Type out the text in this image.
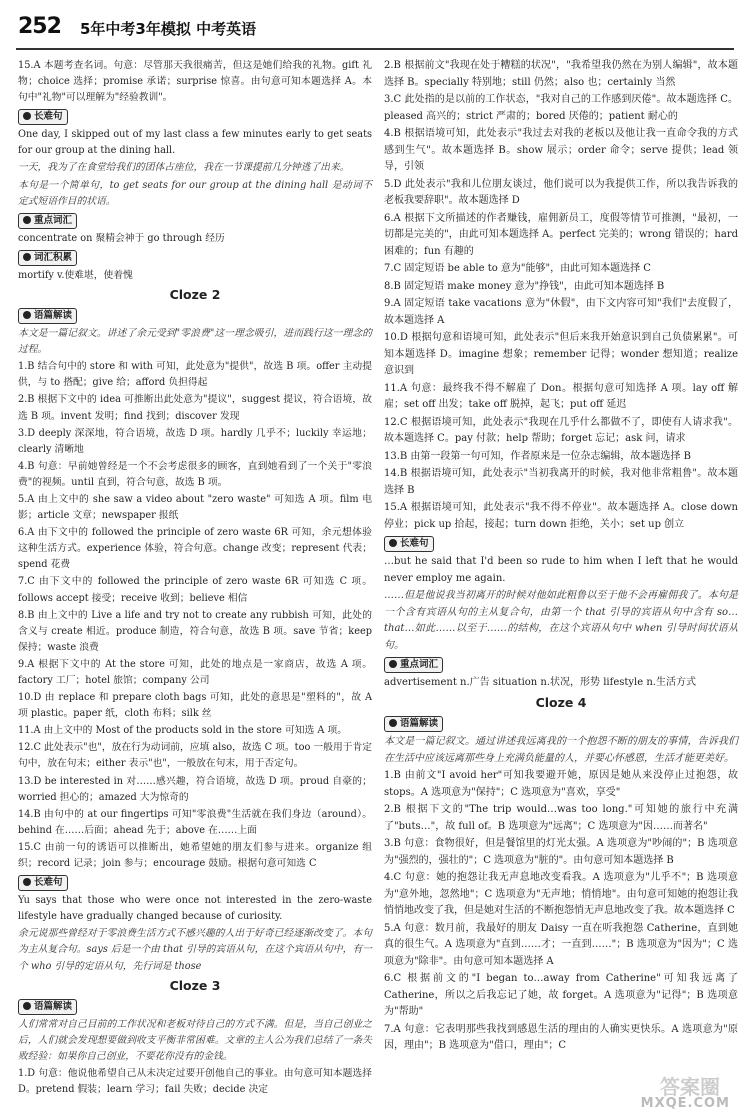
252 5年中考3年模拟 中考英语

15.A 本题考查名词。句意：尽管那天我很痛苦，但这是她们给我的礼物。gift 礼物；choice 选择；promise 承诺；surprise 惊喜。由句意可知本题选择 A。本句中"礼物"可以理解为"经验教训"。

长难句

One day, I skipped out of my last class a few minutes early to get seats for our group at the dining hall.

一天，我为了在食堂给我们的团体占座位，我在一节课提前几分钟逃了出来。

本句是一个简单句，to get seats for our group at the dining hall 是动词不定式短语作目的状语。

重点词汇

concentrate on 聚精会神于 go through 经历

词汇积累

mortify v.使难堪，使着愧

Cloze 2
语篇解读

本文是一篇记叙文。讲述了余元受到"零浪费"这一理念吸引，进而践行这一理念的过程。

1.B 结合句中的 store 和 with 可知，此处意为"提供"，故选 B 项。offer 主动提供，与 to 搭配；give 给；afford 负担得起

2.B 根据下文中的 idea 可推断出此处意为"提议"，suggest 提议，符合语境，故选 B 项。invent 发明；find 找到；discover 发现

3.D deeply 深深地，符合语境，故选 D 项。hardly 几乎不；luckily 幸运地；clearly 清晰地

4.B 句意：早前她曾经是一个不会考虑很多的顾客，直到她看到了一个关于"零浪费"的视频。until 直到，符合句意，故选 B 项。

5.A 由上文中的 she saw a video about "zero waste" 可知选 A 项。film 电影；article 文章；newspaper 报纸

6.A 由下文中的 followed the principle of zero waste 6R 可知，余元想体验这种生活方式。experience 体验，符合句意。change 改变；represent 代表；spend 花费

7.C 由下文中的 followed the principle of zero waste 6R 可知选 C 项。follows accept 接受；receive 收到；believe 相信

8.B 由上文中的 Live a life and try not to create any rubbish 可知，此处的含义与 create 相近。produce 制造，符合句意，故选 B 项。save 节省；keep 保持；waste 浪费

9.A 根据下文中的 At the store 可知，此处的地点是一家商店，故选 A 项。factory 工厂；hotel 旅馆；company 公司

10.D 由 replace 和 prepare cloth bags 可知，此处的意思是"塑料的"，故 A 项 plastic。paper 纸，cloth 布料；silk 丝

11.A 由上文中的 Most of the products sold in the store 可知选 A 项。

12.C 此处表示"也"，放在行为动词前，应填 also，故选 C 项。too 一般用于肯定句中，放在句末；either 表示"也"，一般放在句末，用于否定句。

13.D be interested in 对……感兴趣，符合语境，故选 D 项。proud 自豪的；worried 担心的；amazed 大为惊奇的

14.B 由句中的 at our fingertips 可知"零浪费"生活就在我们身边（around）。behind 在……后面；ahead 先于；above 在……上面

15.C 由前一句的诱语可以推断出，她希望她的朋友们参与进来。organize 组织；record 记录；join 参与；encourage 鼓励。根据句意可知选 C

长难句

Yu says that those who were once not interested in the zero-waste lifestyle have gradually changed because of curiosity.

余元说那些曾经对于零浪费生活方式不感兴趣的人出于好奇已经逐渐改变了。本句为主从复合句。says 后是一个由 that 引导的宾语从句，在这个宾语从句中，有一个 who 引导的定语从句，先行词是 those

Cloze 3
语篇解读

人们常常对自己目前的工作状况和老板对待自己的方式不满。但是，当自己创业之后，人们就会发现想要做到收支平衡非常困难。文章的主人公为我们总结了一条失败经验：如果你自己创业，不要花你没有的金钱。

1.D 句意：他说他希望自己从未决定过要开创他自己的事业。由句意可知本题选择 D。pretend 假装；learn 学习；fail 失败；decide 决定

2.B 根据前文"我现在处于糟糕的状况"，"我希望我仍然在为别人编辑"，故本题选择 B。specially 特别地；still 仍然；also 也；certainly 当然

3.C 此处指的是以前的工作状态，"我对自己的工作感到厌倦"。故本题选择 C。pleased 高兴的；strict 严肃的；bored 厌倦的；patient 耐心的

4.B 根据语境可知，此处表示"我过去对我的老板以及他让我一直命令我的方式感到生气"。故本题选择 B。show 展示；order 命令；serve 提供；lead 领导，引领

5.D 此处表示"我和儿位朋友谈过，他们说可以为我提供工作，所以我告诉我的老板我要辞职"。故本题选择 D

6.A 根据下文所描述的作者赚钱，雇佣新员工，度假等情节可推测，"最初，一切都是完美的"，由此可知本题选择 A。perfect 完美的；wrong 错误的；hard 困难的；fun 有趣的

7.C 固定短语 be able to 意为"能够"，由此可知本题选择 C

8.B 固定短语 make money 意为"挣钱"，由此可知本题选择 B

9.A 固定短语 take vacations 意为"休假"，由下文内容可知"我们"去度假了，故本题选择 A

10.D 根据句意和语境可知，此处表示"但后来我开始意识到自己负债累累"。可知本题选择 D。imagine 想象；remember 记得；wonder 想知道；realize 意识到

11.A 句意：最终我不得不解雇了 Don。根据句意可知选择 A 项。lay off 解雇；set off 出发；take off 脱掉，起飞；put off 延迟

12.C 根据语境可知，此处表示"我现在几乎什么都做不了，即使有人请求我"。故本题选择 C。pay 付款；help 帮助；forget 忘记；ask 问，请求

13.B 由第一段第一句可知，作者原来是一位杂志编辑，故本题选择 B

14.B 根据语境可知，此处表示"当初我离开的时候，我对他非常粗鲁"。故本题选择 B

15.A 根据语境可知，此处表示"我不得不停业"。故本题选择 A。close down 停业；pick up 拾起，接起；turn down 拒绝，关小；set up 创立

长难句

…but he said that I'd been so rude to him when I left that he would never employ me again.

……但是他说我当初离开的时候对他如此粗鲁以至于他不会再雇佣我了。本句是一个含有宾语从句的主从复合句，由第一个 that 引导的宾语从句中含有 so…that…如此……以至于……的结构，在这个宾语从句中 when 引导时间状语从句。

重点词汇

advertisement n.广告 situation n.状况，形势 lifestyle n.生活方式

Cloze 4
语篇解读

本文是一篇记叙文。通过讲述我远离我的一个抱怨不断的朋友的事情，告诉我们在生活中应该远离那些身上充满负能量的人，并要心怀感恩，生活才能更美好。

1.B 由前文"I avoid her"可知我要避开她，原因是她从来没停止过抱怨，故 stops。A 选项意为"保持"；C 选项意为"喜欢，享受"

2.B 根据下文的"The trip would…was too long."可知她的旅行中充满了"buts…"，故 full of。B 选项意为"远离"；C 选项意为"因……而著名"

3.B 句意：食物很好，但是餐馆里的灯光太强。A 选项意为"吵闹的"；B 选项意为"强烈的，强壮的"；C 选项意为"脏的"。由句意可知本题选择 B

4.C 句意：她的抱怨让我无声息地改变看我。A 选项意为"儿乎不"；B 选项意为"意外地，忽然地"；C 选项意为"无声地；悄悄地"。由句意可知她的抱怨让我悄悄地改变了我，但是她对生活的不断抱怨悄无声息地改变了我。故本题选择 C

5.A 句意：数月前，我最好的朋友 Daisy 一直在听我抱怨 Catherine，直到她真的很生气。A 选项意为"直到……才；一直到……"；B 选项意为"因为"；C 选项意为"除非"。由句意可知本题选择 A

6.C 根据前文的"I began to…away from Catherine"可知我远离了 Catherine，所以之后我忘记了她，故 forget。A 选项意为"记得"；B 选项意为"帮助"

7.A 句意：它表明那些我找到感恩生活的理由的人确实更快乐。A 选项意为"原因，理由"；B 选项意为"借口，理由"；C

答案圈
MXQE.COM
